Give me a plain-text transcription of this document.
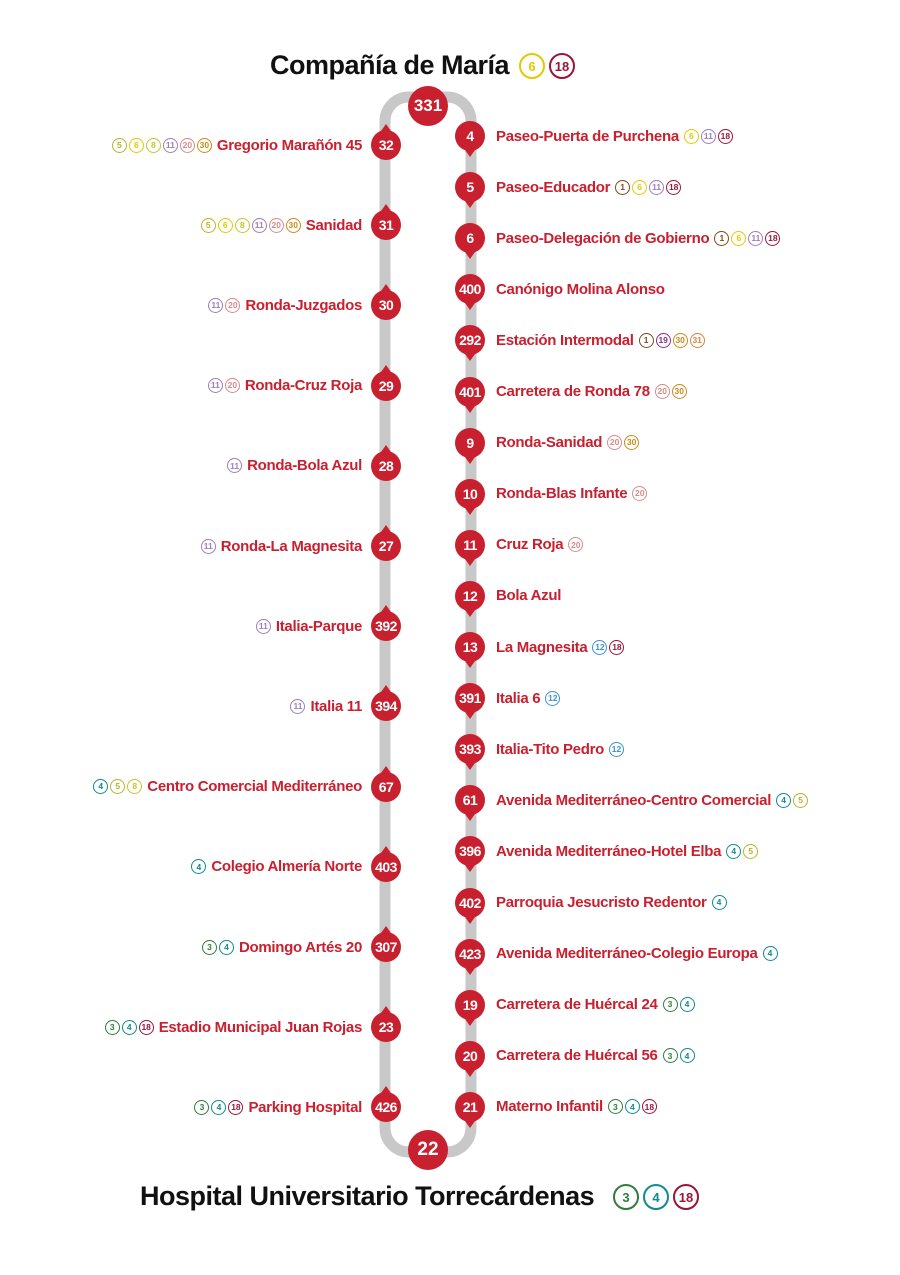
Compañía de María	6	18
331
Hospital Universitario Torrecárdenas	3	4	18
22
5	6	8	11 20 30 Gregorio Marañón 45	32
5	6	8	11 20 30 Sanidad	31
11 20 Ronda-Juzgados	30
11 20 Ronda-Cruz Roja	29
11 Ronda-Bola Azul	28
11 Ronda-La Magnesita	27
11 Italia-Parque 392
11 Italia 11 394
4	5	8 Centro Comercial Mediterráneo	67
4 Colegio Almería Norte 403
3	4 Domingo Artés 20 307
3	4	18 Estadio Municipal Juan Rojas	23
3	4	18 Parking Hospital 426
4	Paseo-Puerta de Purchena	6	11 18
5	Paseo-Educador	1	6	11 18
6	Paseo-Delegación de Gobierno	1	6	11 18
400 Canónigo Molina Alonso
292 Estación Intermodal	1	19 30 31
401 Carretera de Ronda 78 20 30
9	Ronda-Sanidad 20 30
10	Ronda-Blas Infante 20
11	Cruz Roja 20
12	Bola Azul
13	La Magnesita 12 18
391 Italia 6 12
393 Italia-Tito Pedro 12
61	Avenida Mediterráneo-Centro Comercial	4	5
396 Avenida Mediterráneo-Hotel Elba	4	5
402 Parroquia Jesucristo Redentor	4
423 Avenida Mediterráneo-Colegio Europa	4
19	Carretera de Huércal 24	3	4
20	Carretera de Huércal 56	3	4
21	Materno Infantil	3	4	18
